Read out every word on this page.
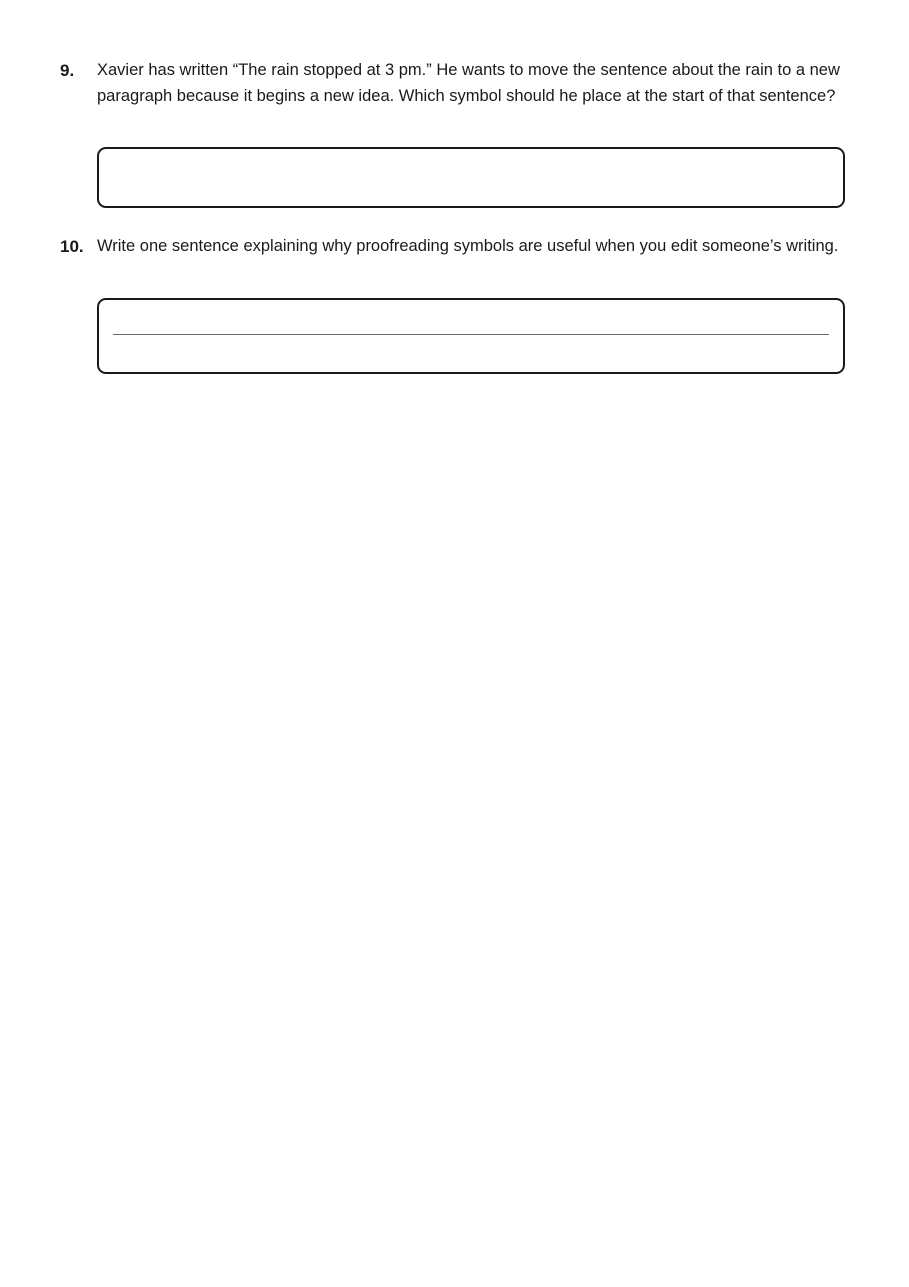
9. Xavier has written “The rain stopped at 3 pm.” He wants to move the sentence about the rain to a new paragraph because it begins a new idea. Which symbol should he place at the start of that sentence?

10. Write one sentence explaining why proofreading symbols are useful when you edit someone’s writing.
